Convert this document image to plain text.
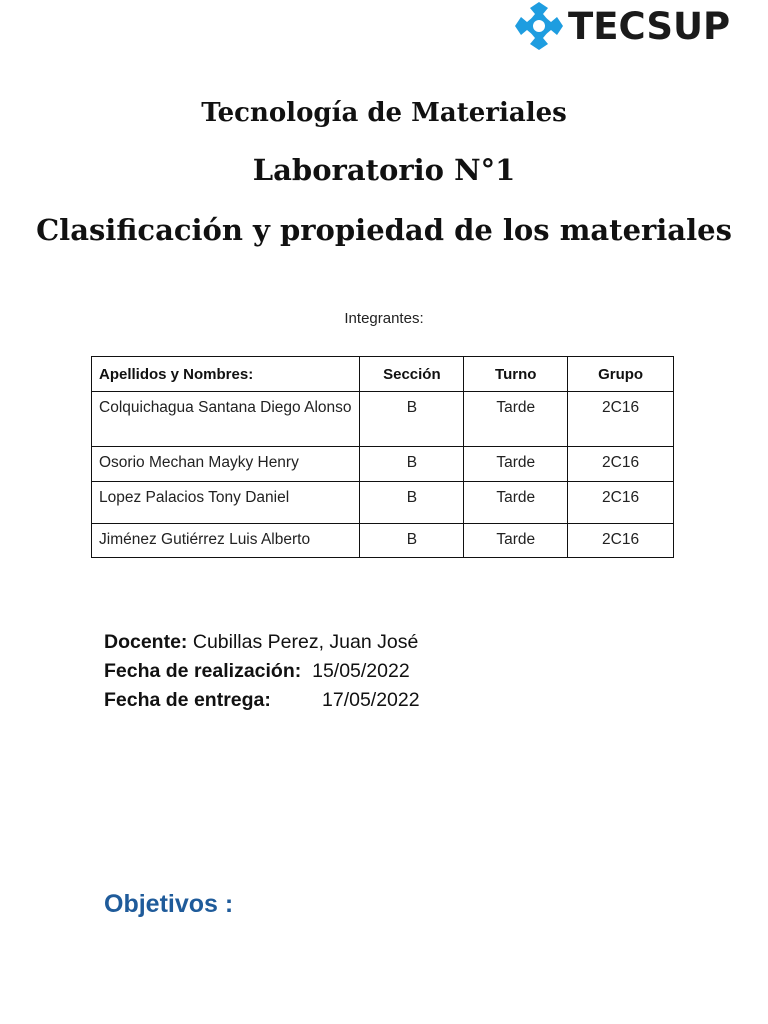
TECSUP
Tecnología de Materiales
Laboratorio N°1
Clasificación y propiedad de los materiales
Integrantes:
Apellidos y Nombres:	Sección	Turno	Grupo
Colquichagua Santana Diego Alonso	B	Tarde	2C16
Osorio Mechan Mayky Henry	B	Tarde	2C16
Lopez Palacios Tony Daniel	B	Tarde	2C16
Jiménez Gutiérrez Luis Alberto	B	Tarde	2C16
Docente:
Cubillas Perez, Juan José
Fecha de realización:
15/05/2022
Fecha de entrega:	17/05/2022
Objetivos :
